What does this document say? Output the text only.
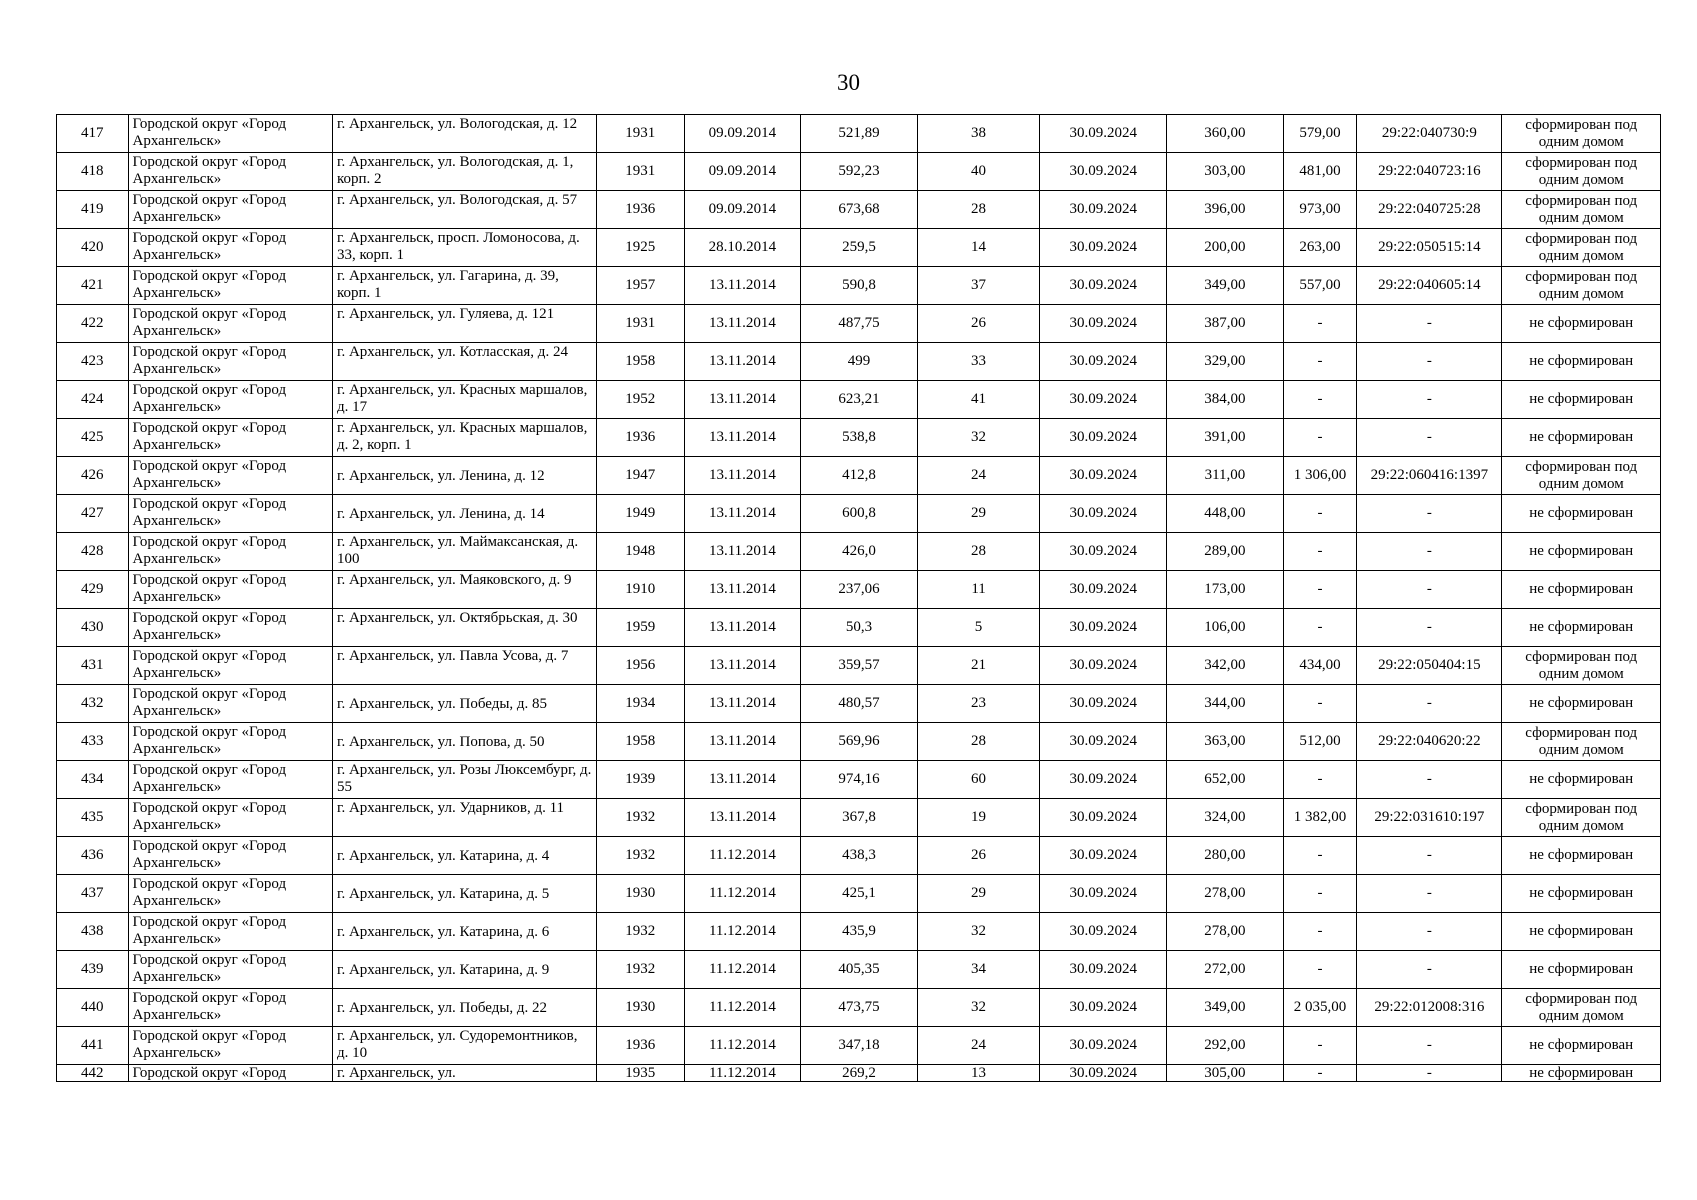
30
417	Городской округ «Город Архангельск»	г. Архангельск, ул. Вологодская, д. 12	1931	09.09.2014	521,89	38	30.09.2024	360,00	579,00	29:22:040730:9	сформирован под одним домом
418	Городской округ «Город Архангельск»	г. Архангельск, ул. Вологодская, д. 1, корп. 2	1931	09.09.2014	592,23	40	30.09.2024	303,00	481,00	29:22:040723:16	сформирован под одним домом
419	Городской округ «Город Архангельск»	г. Архангельск, ул. Вологодская, д. 57	1936	09.09.2014	673,68	28	30.09.2024	396,00	973,00	29:22:040725:28	сформирован под одним домом
420	Городской округ «Город Архангельск»	г. Архангельск, просп. Ломоносова, д. 33, корп. 1	1925	28.10.2014	259,5	14	30.09.2024	200,00	263,00	29:22:050515:14	сформирован под одним домом
421	Городской округ «Город Архангельск»	г. Архангельск, ул. Гагарина, д. 39, корп. 1	1957	13.11.2014	590,8	37	30.09.2024	349,00	557,00	29:22:040605:14	сформирован под одним домом
422	Городской округ «Город Архангельск»	г. Архангельск, ул. Гуляева, д. 121	1931	13.11.2014	487,75	26	30.09.2024	387,00	-	-	не сформирован
423	Городской округ «Город Архангельск»	г. Архангельск, ул. Котласская, д. 24	1958	13.11.2014	499	33	30.09.2024	329,00	-	-	не сформирован
424	Городской округ «Город Архангельск»	г. Архангельск, ул. Красных маршалов, д. 17	1952	13.11.2014	623,21	41	30.09.2024	384,00	-	-	не сформирован
425	Городской округ «Город Архангельск»	г. Архангельск, ул. Красных маршалов, д. 2, корп. 1	1936	13.11.2014	538,8	32	30.09.2024	391,00	-	-	не сформирован
426	Городской округ «Город Архангельск»	г. Архангельск, ул. Ленина, д. 12	1947	13.11.2014	412,8	24	30.09.2024	311,00	1 306,00	29:22:060416:1397	сформирован под одним домом
427	Городской округ «Город Архангельск»	г. Архангельск, ул. Ленина, д. 14	1949	13.11.2014	600,8	29	30.09.2024	448,00	-	-	не сформирован
428	Городской округ «Город Архангельск»	г. Архангельск, ул. Маймаксанская, д. 100	1948	13.11.2014	426,0	28	30.09.2024	289,00	-	-	не сформирован
429	Городской округ «Город Архангельск»	г. Архангельск, ул. Маяковского, д. 9	1910	13.11.2014	237,06	11	30.09.2024	173,00	-	-	не сформирован
430	Городской округ «Город Архангельск»	г. Архангельск, ул. Октябрьская, д. 30	1959	13.11.2014	50,3	5	30.09.2024	106,00	-	-	не сформирован
431	Городской округ «Город Архангельск»	г. Архангельск, ул. Павла Усова, д. 7	1956	13.11.2014	359,57	21	30.09.2024	342,00	434,00	29:22:050404:15	сформирован под одним домом
432	Городской округ «Город Архангельск»	г. Архангельск, ул. Победы, д. 85	1934	13.11.2014	480,57	23	30.09.2024	344,00	-	-	не сформирован
433	Городской округ «Город Архангельск»	г. Архангельск, ул. Попова, д. 50	1958	13.11.2014	569,96	28	30.09.2024	363,00	512,00	29:22:040620:22	сформирован под одним домом
434	Городской округ «Город Архангельск»	г. Архангельск, ул. Розы Люксембург, д. 55	1939	13.11.2014	974,16	60	30.09.2024	652,00	-	-	не сформирован
435	Городской округ «Город Архангельск»	г. Архангельск, ул. Ударников, д. 11	1932	13.11.2014	367,8	19	30.09.2024	324,00	1 382,00	29:22:031610:197	сформирован под одним домом
436	Городской округ «Город Архангельск»	г. Архангельск, ул. Катарина, д. 4	1932	11.12.2014	438,3	26	30.09.2024	280,00	-	-	не сформирован
437	Городской округ «Город Архангельск»	г. Архангельск, ул. Катарина, д. 5	1930	11.12.2014	425,1	29	30.09.2024	278,00	-	-	не сформирован
438	Городской округ «Город Архангельск»	г. Архангельск, ул. Катарина, д. 6	1932	11.12.2014	435,9	32	30.09.2024	278,00	-	-	не сформирован
439	Городской округ «Город Архангельск»	г. Архангельск, ул. Катарина, д. 9	1932	11.12.2014	405,35	34	30.09.2024	272,00	-	-	не сформирован
440	Городской округ «Город Архангельск»	г. Архангельск, ул. Победы, д. 22	1930	11.12.2014	473,75	32	30.09.2024	349,00	2 035,00	29:22:012008:316	сформирован под одним домом
441	Городской округ «Город Архангельск»	г. Архангельск, ул. Судоремонтников, д. 10	1936	11.12.2014	347,18	24	30.09.2024	292,00	-	-	не сформирован
442	Городской округ «Город	г. Архангельск, ул.	1935	11.12.2014	269,2	13	30.09.2024	305,00	-	-	не сформирован
